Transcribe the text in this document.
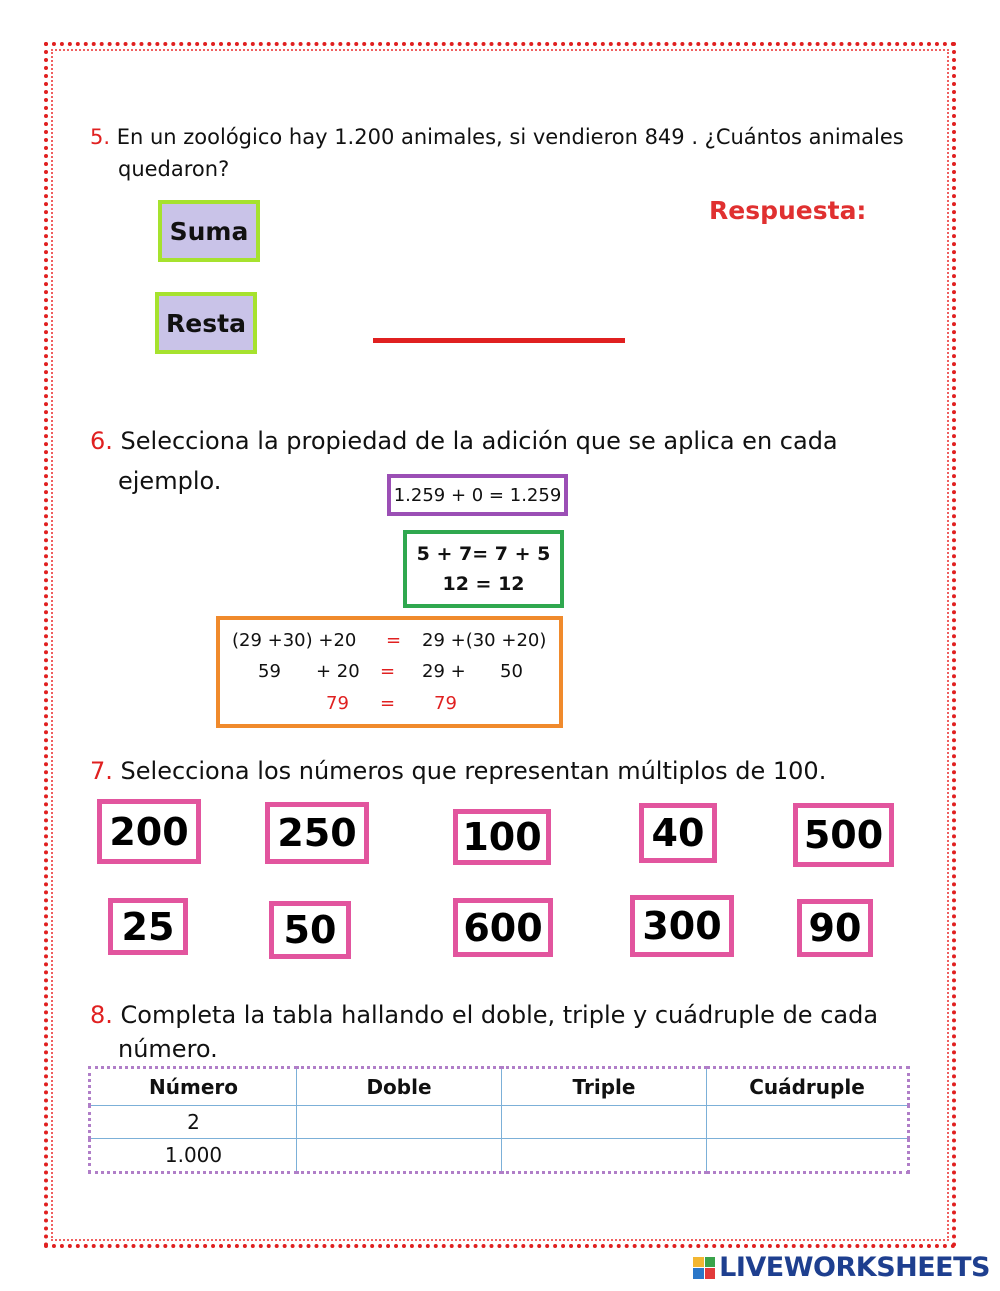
5. En un zoológico hay 1.200 animales, si vendieron 849 . ¿Cuántos animales
quedaron?
Suma
Resta
Respuesta:
6. Selecciona la propiedad de la adición que se aplica en cada
ejemplo.	1.259 + 0 = 1.259
5 + 7= 7 + 5
12 = 12
(29 +30) +20 = 29 +(30 +20)
59 + 20 = 29 + 50
79 = 79
7. Selecciona los números que representan múltiplos de 100.
200	250	100	40	500
25	50	600	300	90
8. Completa la tabla hallando el doble, triple y cuádruple de cada
número.
Número	Doble	Triple	Cuádruple
2			
1.000			
LIVEWORKSHEETS
